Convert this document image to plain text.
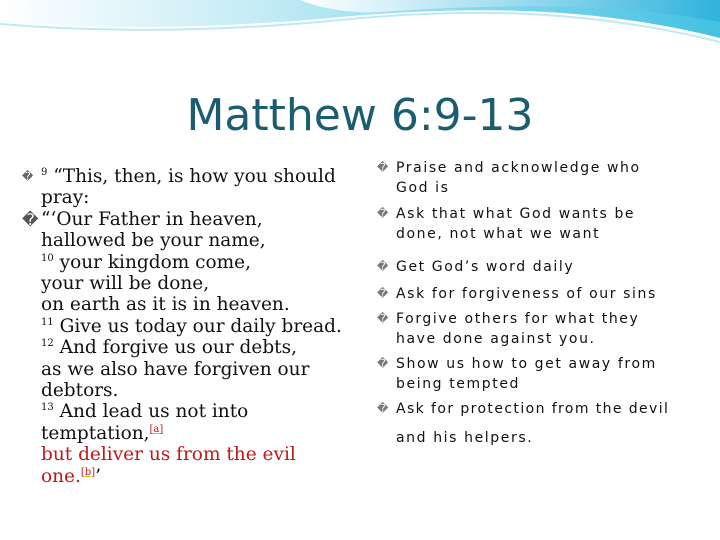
Matthew 6:9-13
� $^9$ “This, then, is how you should
pray:
� “‘Our Father in heaven,
hallowed be your name,
$^{10}$ your kingdom come,
your will be done,
on earth as it is in heaven.
$^{11}$ Give us today our daily bread.
$^{12}$ And forgive us our debts,
as we also have forgiven our
debtors.
$^{13}$ And lead us not into
temptation,[a]
but deliver us from the evil
one.[b]’
� Praise and acknowledge who
God is
� Ask that what God wants be
done, not what we want
� Get God’s word daily
� Ask for forgiveness of our sins
� Forgive others for what they
have done against you.
� Show us how to get away from
being tempted
� Ask for protection from the devil
and his helpers.
